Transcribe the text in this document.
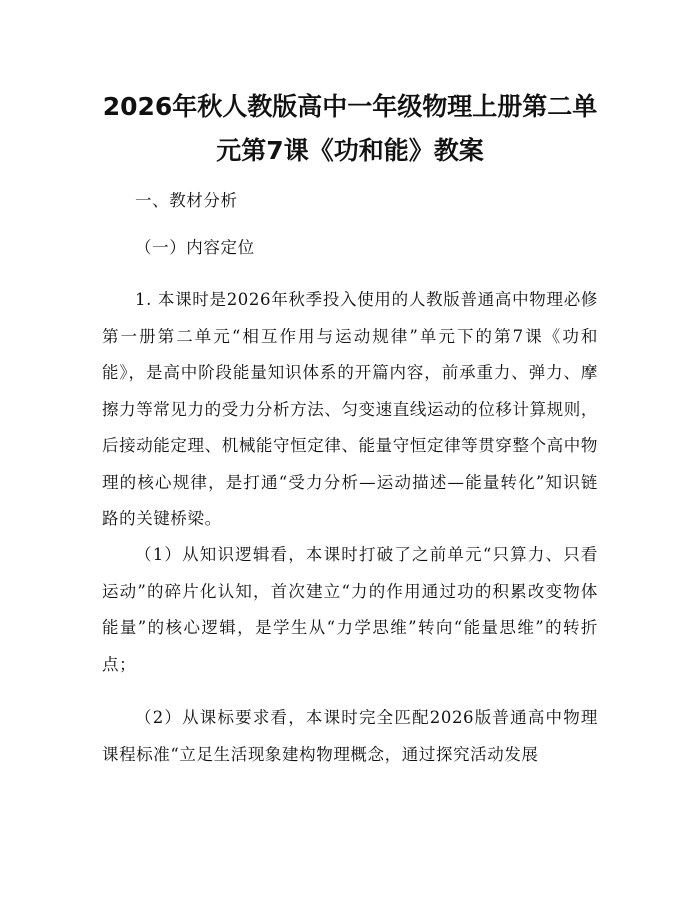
2026年秋人教版高中一年级物理上册第二单
元第7课《功和能》教案

一、教材分析

（一）内容定位

1. 本课时是2026年秋季投入使用的人教版普通高中物理必修第一册第二单元“相互作用与运动规律”单元下的第7课《功和能》，是高中阶段能量知识体系的开篇内容，前承重力、弹力、摩擦力等常见力的受力分析方法、匀变速直线运动的位移计算规则，后接动能定理、机械能守恒定律、能量守恒定律等贯穿整个高中物理的核心规律，是打通“受力分析—运动描述—能量转化”知识链路的关键桥梁。

（1）从知识逻辑看，本课时打破了之前单元“只算力、只看运动”的碎片化认知，首次建立“力的作用通过功的积累改变物体能量”的核心逻辑，是学生从“力学思维”转向“能量思维”的转折点；

（2）从课标要求看，本课时完全匹配2026版普通高中物理课程标准“立足生活现象建构物理概念，通过探究活动发展
